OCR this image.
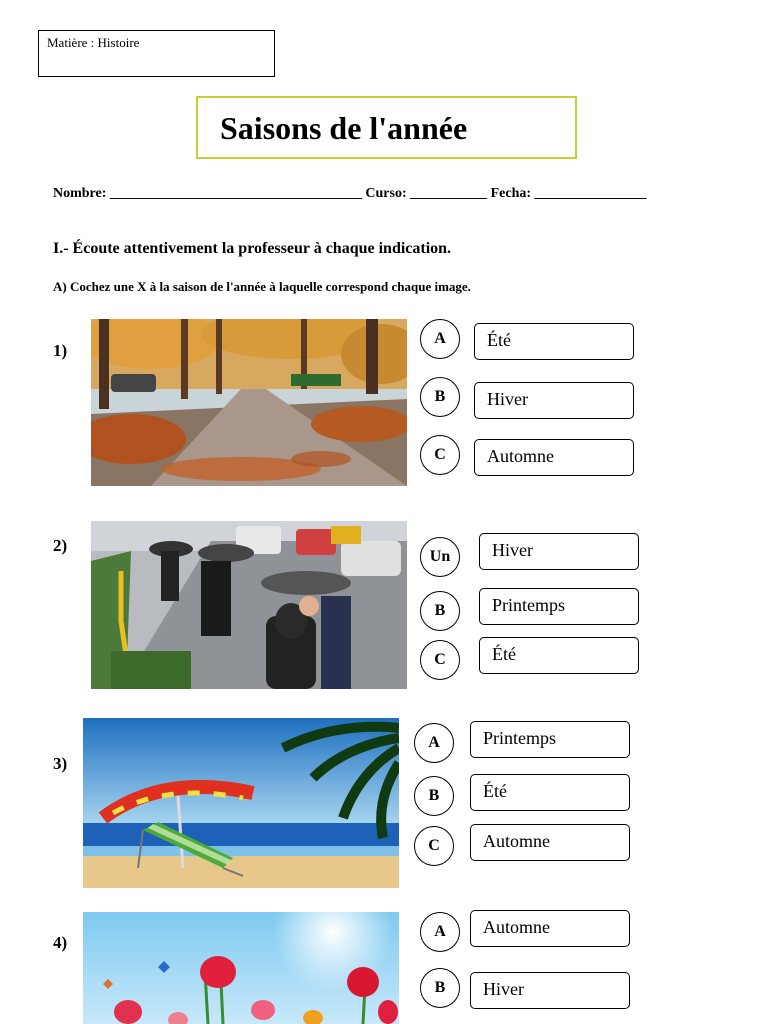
Matière : Histoire
Saisons de l'année
Nombre: ____________________________________ Curso: ___________ Fecha: ________________
I.- Écoute attentivement la professeur à chaque indication.
A) Cochez une X à la saison de l'année à laquelle correspond chaque image.
1)
A	Été
B	Hiver
C	Automne
2)
Un	Hiver
B	Printemps
C	Été
3)
A	Printemps
B	Été
C	Automne
4)
A	Automne
B	Hiver
